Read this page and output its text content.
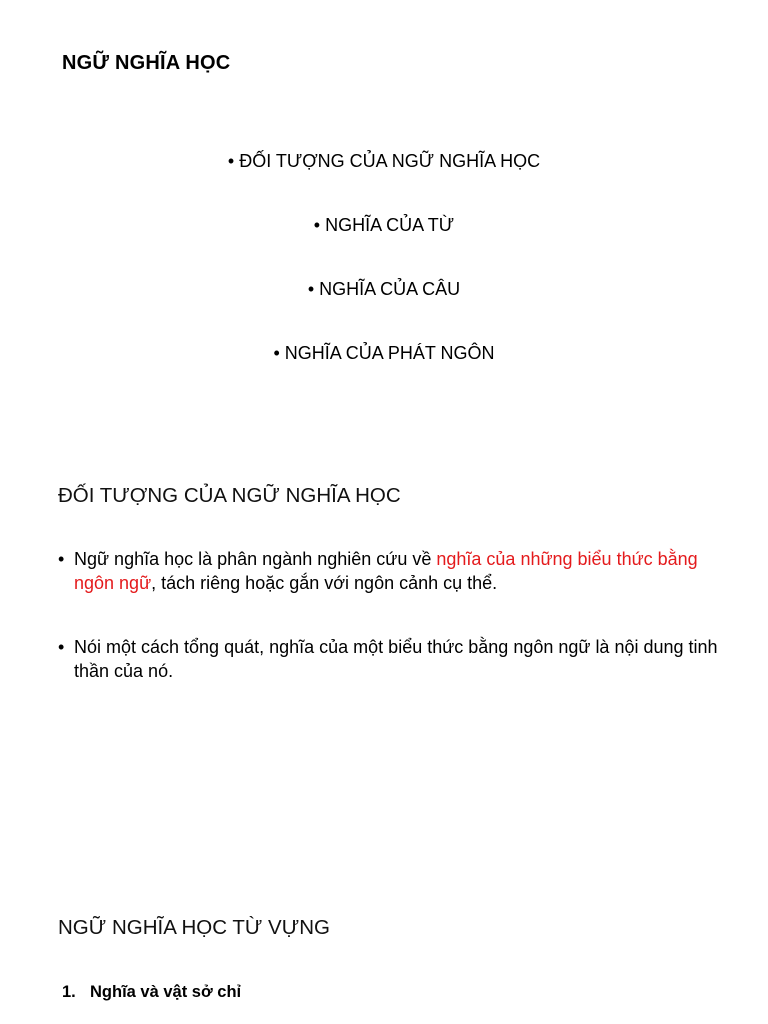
NGỮ NGHĨA HỌC
• ĐỐI TƯỢNG CỦA NGỮ NGHĨA HỌC
• NGHĨA CỦA TỪ
• NGHĨA CỦA CÂU
• NGHĨA CỦA PHÁT NGÔN
ĐỐI TƯỢNG CỦA NGỮ NGHĨA HỌC
• Ngữ nghĩa học là phân ngành nghiên cứu về nghĩa của những biểu thức bằng ngôn ngữ, tách riêng hoặc gắn với ngôn cảnh cụ thể.
• Nói một cách tổng quát, nghĩa của một biểu thức bằng ngôn ngữ là nội dung tinh thần của nó.
NGỮ NGHĨA HỌC TỪ VỰNG

1. Nghĩa và vật sở chỉ
